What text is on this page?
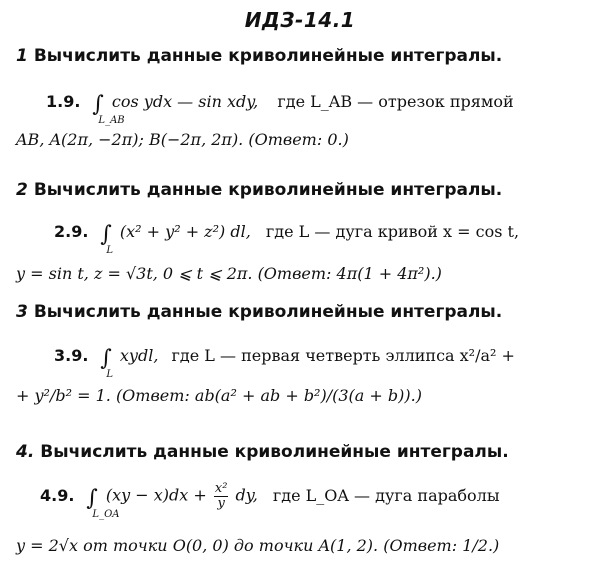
ИДЗ-14.1
1 Вычислить данные криволинейные интегралы.
1.9. ∫
L_AB
cos ydx — sin xdy, где L_AB — отрезок прямой
AB, A(2π, −2π); B(−2π, 2π). (Ответ: 0.)
2 Вычислить данные криволинейные интегралы.
2.9. ∫
L
(x² + y² + z²) dl, где L — дуга кривой x = cos t,
y = sin t, z = √3t, 0 ⩽ t ⩽ 2π. (Ответ: 4π(1 + 4π²).)
3 Вычислить данные криволинейные интегралы.
3.9. ∫
L
xydl, где L — первая четверть эллипса x²/a² +
+ y²/b² = 1. (Ответ: ab(a² + ab + b²)/(3(a + b)).)
4. Вычислить данные криволинейные интегралы.
4.9. ∫
L_OA
$(xy - x)dx + \frac{\text{x²}}{y}$ dy, где L_OA — дуга параболы
y = 2√x от точки O(0, 0) до точки A(1, 2). (Ответ: 1/2.)
